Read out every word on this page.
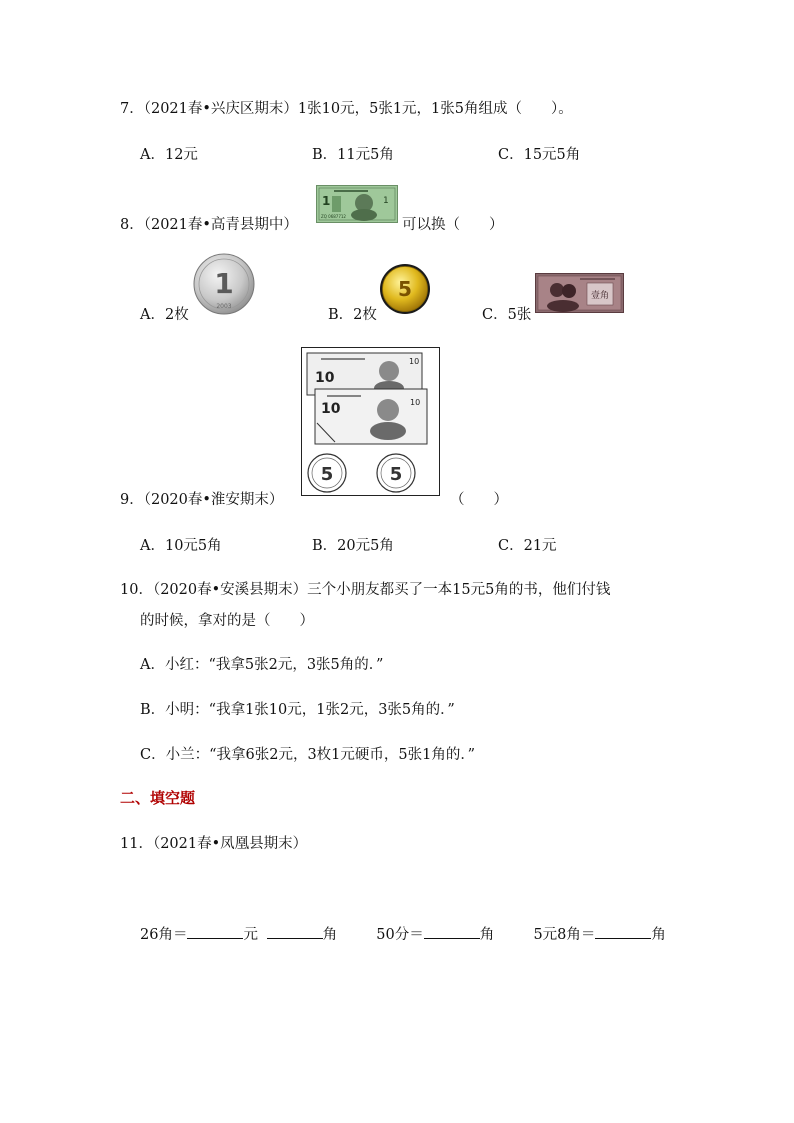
7．（2021春•兴庆区期末）1张10元，5张1元，1张5角组成（　　）。
A．12元	B．11元5角	C．15元5角
8．（2021春•高青县期中）
1	1
ZQ 0687712
可以换（　　）
A．2枚
1
2003
B．2枚
5
C．5张
壹角
10
10
10	10
5	5
9．（2020春•淮安期末）	（　　）
A．10元5角	B．20元5角	C．21元
10．（2020春•安溪县期末）三个小朋友都买了一本15元5角的书，他们付钱
的时候，拿对的是（　　）
A．小红：“我拿5张2元，3张5角的．”
B．小明：“我拿1张10元，1张2元，3张5角的．”
C．小兰：“我拿6张2元，3枚1元硬币，5张1角的．”
二、填空题
11．（2021春•凤凰县期末）
26角＝	元	角	50分＝	角	5元8角＝	角
